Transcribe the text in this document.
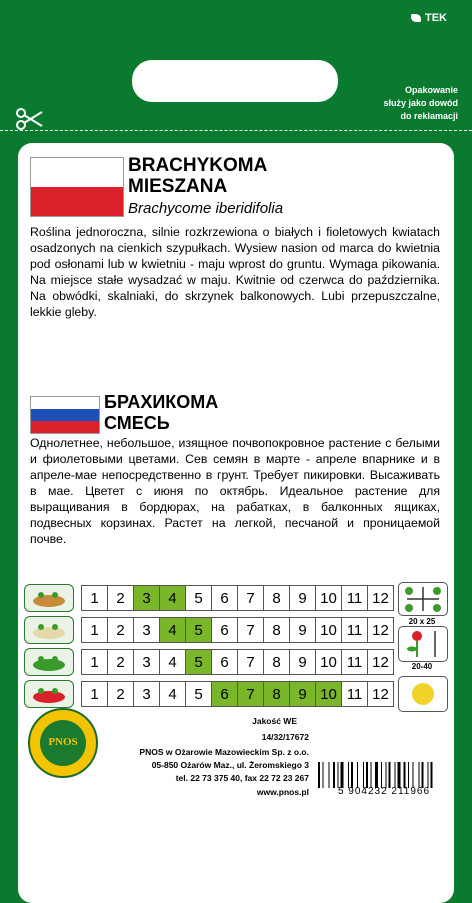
TEK
Opakowanie
służy jako dowód
do reklamacji
BRACHYKOMA
MIESZANA
Brachycome iberidifolia
Roślina jednoroczna, silnie rozkrzewiona o białych i fioletowych kwiatach osadzonych na cienkich szypułkach. Wysiew nasion od marca do kwietnia pod osłonami lub w kwietniu - maju wprost do gruntu. Wymaga pikowania. Na miejsce stałe wysadzać w maju. Kwitnie od czerwca do października. Na obwódki, skalniaki, do skrzynek balkonowych. Lubi przepuszczalne, lekkie gleby.
БРАХИКОМА
СМЕСЬ
Однолетнее, небольшое, изящное почвопокровное растение с белыми и фиолетовыми цветами. Сев семян в марте - апреле впарнике и в апреле-мае непосредственно в грунт. Требует пикировки. Высаживать в мае. Цветет с июня по октябрь. Идеальное растение для выращивания в бордюрах, на рабатках, в балконных ящиках, подвесных корзинах. Растет на легкой, песчаной и проницаемой почве.
1	2	3	4	5	6	7	8	9 10 11 12
1	2	3	4	5	6	7	8	9 10 11 12
1	2	3	4	5	6	7	8	9 10 11 12
1	2	3	4	5	6	7	8	9 10 11 12
20 x 25
20-40
PNOS
Jakość WE
14/32/17672
PNOS w Ożarowie Mazowieckim Sp. z o.o.
05-850 Ożarów Maz., ul. Żeromskiego 3
tel. 22 73 375 40, fax 22 72 23 267
www.pnos.pl	5 904232 211966
